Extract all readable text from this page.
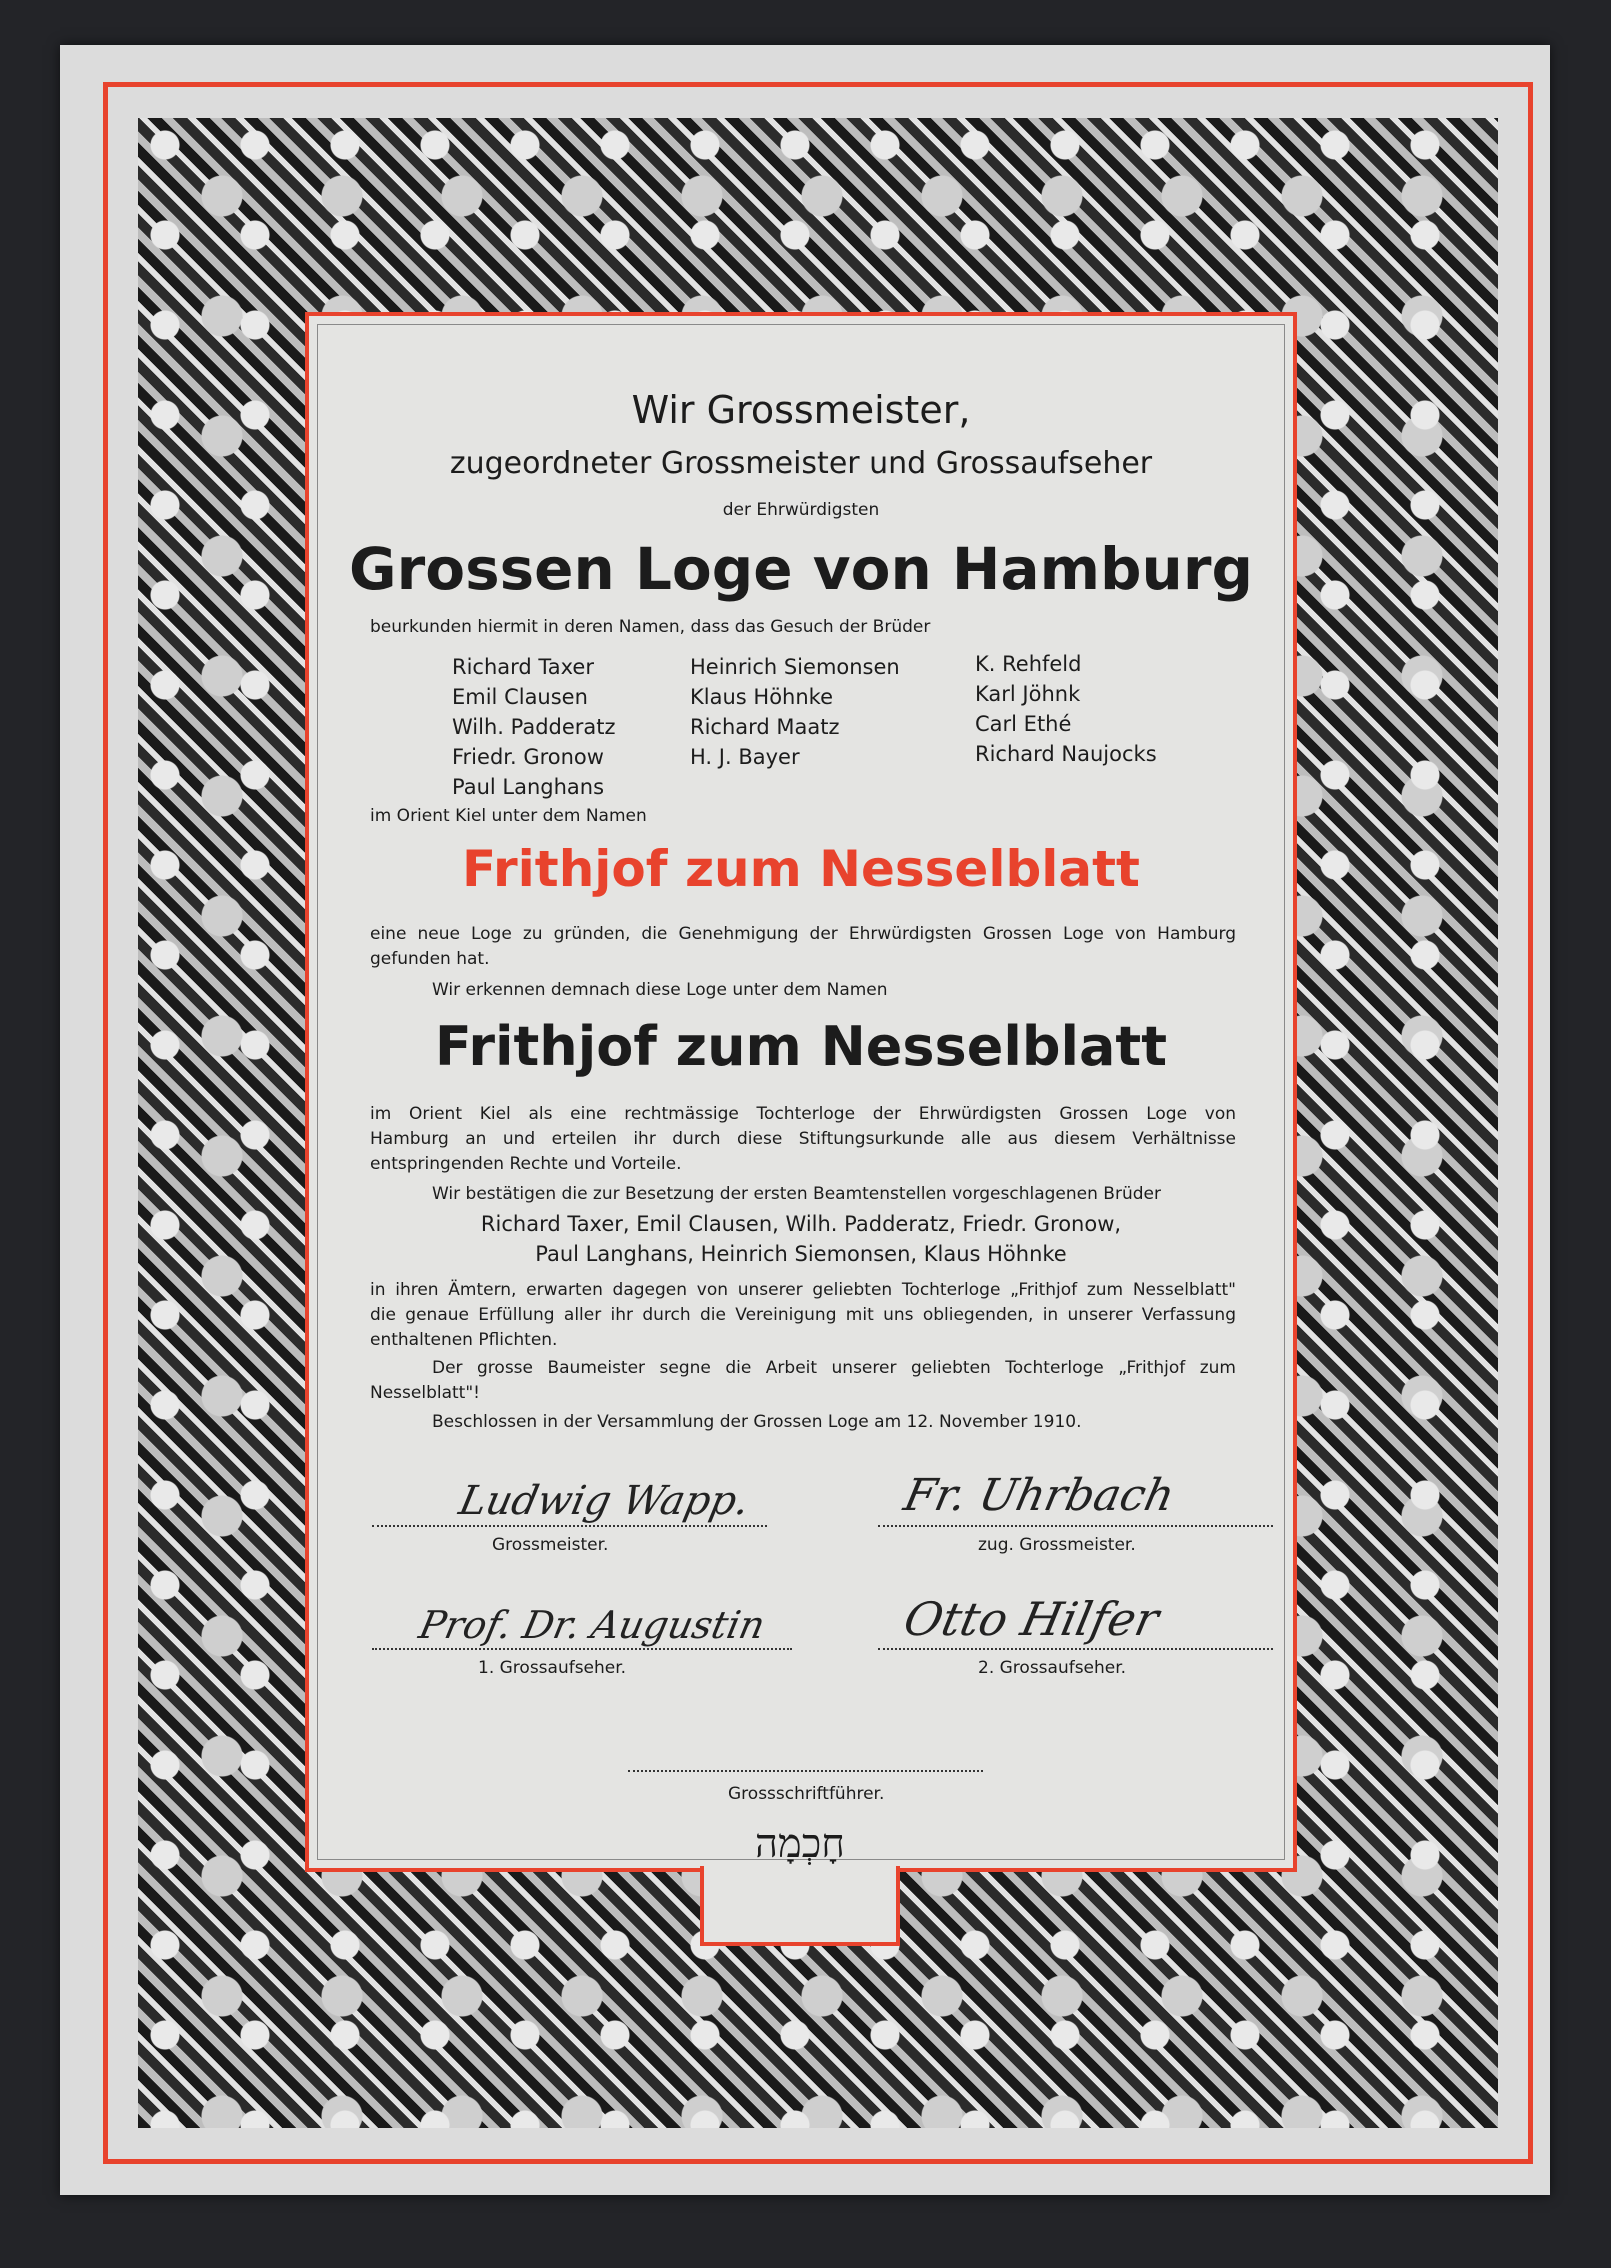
Wir Grossmeister,
zugeordneter Grossmeister und Grossaufseher
der Ehrwürdigsten
Grossen Loge von Hamburg
beurkunden hiermit in deren Namen, dass das Gesuch der Brüder
Richard Taxer
Emil Clausen
Wilh. Padderatz
Friedr. Gronow
Paul Langhans
Heinrich Siemonsen
Klaus Höhnke
Richard Maatz
H. J. Bayer
K. Rehfeld
Karl Jöhnk
Carl Ethé
Richard Naujocks
im Orient Kiel unter dem Namen
Frithjof zum Nesselblatt
eine neue Loge zu gründen, die Genehmigung der Ehrwürdigsten Grossen Loge von Hamburg
gefunden hat.
Wir erkennen demnach diese Loge unter dem Namen
Frithjof zum Nesselblatt
im Orient Kiel als eine rechtmässige Tochterloge der Ehrwürdigsten Grossen Loge von
Hamburg an und erteilen ihr durch diese Stiftungsurkunde alle aus diesem Verhältnisse
entspringenden Rechte und Vorteile.
Wir bestätigen die zur Besetzung der ersten Beamtenstellen vorgeschlagenen Brüder
Richard Taxer, Emil Clausen, Wilh. Padderatz, Friedr. Gronow,
Paul Langhans, Heinrich Siemonsen, Klaus Höhnke
in ihren Ämtern, erwarten dagegen von unserer geliebten Tochterloge „Frithjof zum Nesselblatt"
die genaue Erfüllung aller ihr durch die Vereinigung mit uns obliegenden, in unserer Verfassung
enthaltenen Pflichten.
Der grosse Baumeister segne die Arbeit unserer geliebten Tochterloge „Frithjof zum
Nesselblatt"!
Beschlossen in der Versammlung der Grossen Loge am 12. November 1910.
Ludwig Wapp.
Grossmeister.
Fr. Uhrbach
zug. Grossmeister.
Prof. Dr. Augustin
1. Grossaufseher.
Otto Hilfer
2. Grossaufseher.
Grossschriftführer.
חָכְמָה
